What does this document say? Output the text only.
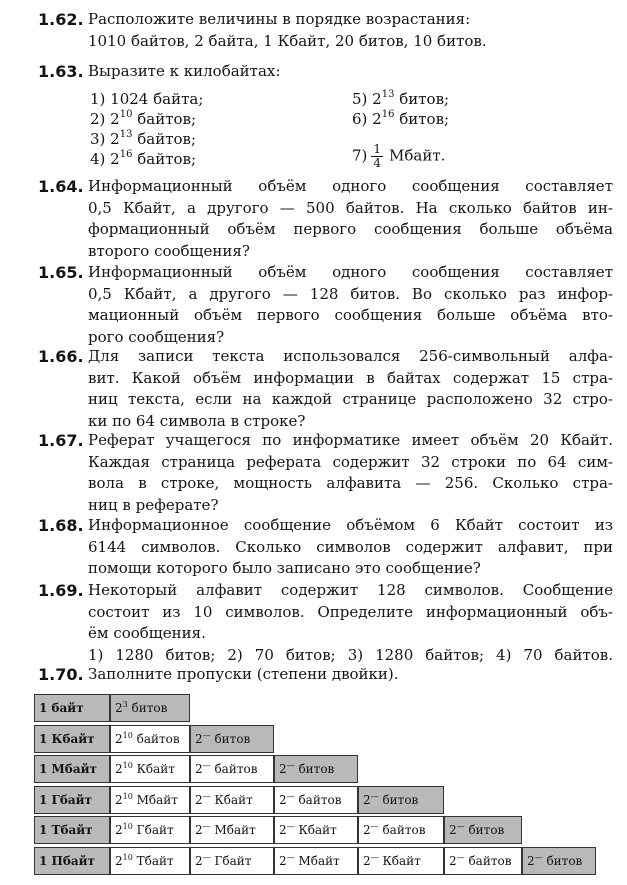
1.62. Расположите величины в порядке возрастания:
1010 байтов, 2 байта, 1 Кбайт, 20 битов, 10 битов.
1.63. Выразите к килобайтах:
1) 1024 байта;
2) $2^{10}$ байтов;
3) $2^{13}$ байтов;
4) $2^{16}$ байтов;
5) $2^{13}$ битов;
6) $2^{16}$ битов;
$7) \frac{1}{4}$ Мбайт.
1.64. Информационный объём одного сообщения составляет
0,5 Кбайт, а другого — 500 байтов. На сколько байтов ин-
формационный объём первого сообщения больше объёма
второго сообщения?
1.65. Информационный объём одного сообщения составляет
0,5 Кбайт, а другого — 128 битов. Во сколько раз инфор-
мационный объём первого сообщения больше объёма вто-
рого сообщения?
1.66. Для записи текста использовался 256-символьный алфа-
вит. Какой объём информации в байтах содержат 15 стра-
ниц текста, если на каждой странице расположено 32 стро-
ки по 64 символа в строке?
1.67. Реферат учащегося по информатике имеет объём 20 Кбайт.
Каждая страница реферата содержит 32 строки по 64 сим-
вола в строке, мощность алфавита — 256. Сколько стра-
ниц в реферате?
1.68. Информационное сообщение объёмом 6 Кбайт состоит из
6144 символов. Сколько символов содержит алфавит, при
помощи которого было записано это сообщение?
1.69. Некоторый алфавит содержит 128 символов. Сообщение
состоит из 10 символов. Определите информационный объ-
ём сообщения.
1) 1280 битов; 2) 70 битов; 3) 1280 байтов; 4) 70 байтов.
1.70. Заполните пропуски (степени двойки).
1 байт	$2^3$ битов
1 Кбайт	$2^{10}$ байтов	2— битов
1 Мбайт	$2^{10}$ Кбайт	2— байтов	2— битов
1 Гбайт	$2^{10}$ Мбайт	2— Кбайт	2— байтов	2— битов
1 Тбайт	$2^{10}$ Гбайт	2— Мбайт	2— Кбайт	2— байтов	2— битов
1 Пбайт	$2^{10}$ Тбайт	2— Гбайт	2— Мбайт	2— Кбайт	2— байтов	2— битов
